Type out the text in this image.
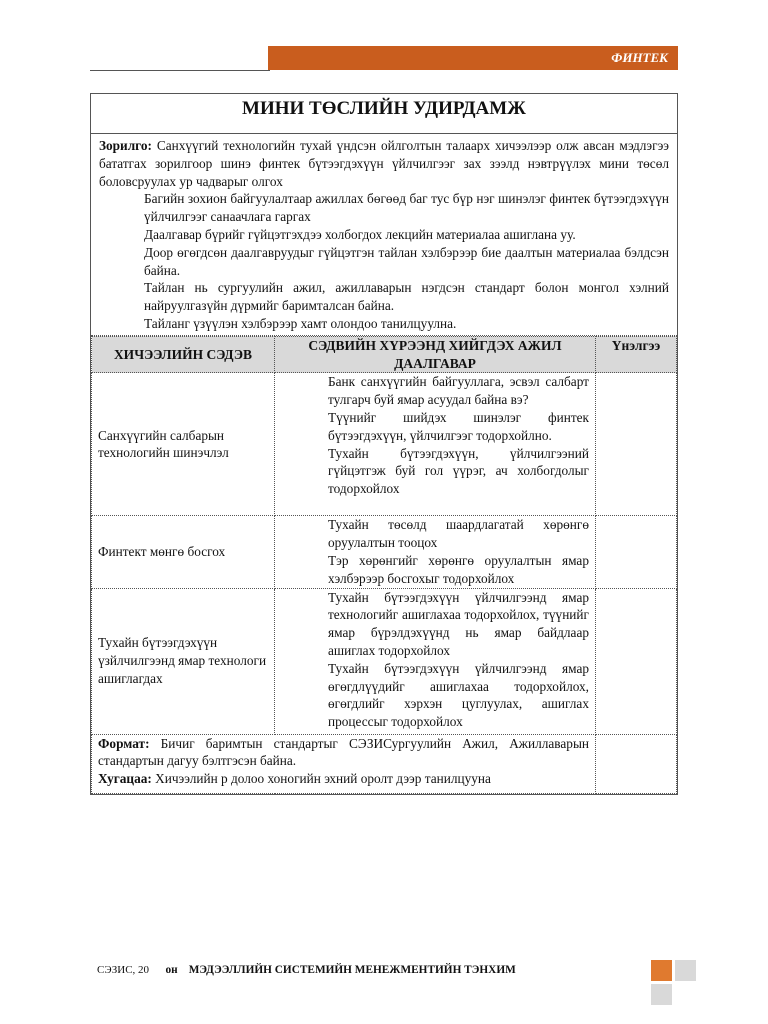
ФИНТЕК
МИНИ ТӨСЛИЙН УДИРДАМЖ

Зорилго: Санхүүгий технологийн тухай үндсэн ойлголтын талаарх хичээлээр олж авсан мэдлэгээ бататгах зорилгоор шинэ финтек бүтээгдэхүүн үйлчилгээг зах зээлд нэвтрүүлэх мини төсөл боловсруулах ур чадварыг олгох

Багийн зохион байгуулалтаар ажиллах бөгөөд баг тус бүр нэг шинэлэг финтек бүтээгдэхүүн үйлчилгээг санаачлага гаргах

Даалгавар бүрийг гүйцэтгэхдээ холбогдох лекцийн материалаа ашиглана уу.

Доор өгөгдсөн даалгавруудыг гүйцэтгэн тайлан хэлбэрээр бие даалтын материалаа бэлдсэн байна.

Тайлан нь сургуулийн ажил, ажиллаварын нэгдсэн стандарт болон монгол хэлний найруулгазүйн дүрмийг баримталсан байна.

Тайланг үзүүлэн хэлбэрээр хамт олондоо танилцуулна.

ХИЧЭЭЛИЙН СЭДЭВ	СЭДВИЙН ХҮРЭЭНД ХИЙГДЭХ АЖИЛ ДААЛГАВАР	Үнэлгээ
Санхүүгийн салбарын технологийн шинэчлэл	Банк санхүүгийн байгууллага, эсвэл салбарт тулгарч буй ямар асуудал байна вэ?

Түүнийг шийдэх шинэлэг финтек бүтээгдэхүүн, үйлчилгээг тодорхойлно.

Тухайн бүтээгдэхүүн, үйлчилгээний гүйцэтгэж буй гол үүрэг, ач холбогдолыг тодорхойлох	

Финтект мөнгө босгох	Тухайн төсөлд шаардлагатай хөрөнгө оруулалтын тооцох

Тэр хөрөнгийг хөрөнгө оруулалтын ямар хэлбэрээр босгохыг тодорхойлох	

Тухайн бүтээгдэхүүн үзйлчилгээнд ямар технологи ашиглагдах	Тухайн бүтээгдэхүүн үйлчилгээнд ямар технологийг ашиглахаа тодорхойлох, түүнийг ямар бүрэлдэхүүнд нь ямар байдлаар ашиглах тодорхойлох

Тухайн бүтээгдэхүүн үйлчилгээнд ямар өгөгдлүүдийг ашиглахаа тодорхойлох, өгөгдлийг хэрхэн цуглуулах, ашиглах процессыг тодорхойлох	

Формат: Бичиг баримтын стандартыг СЭЗИСургуулийн Ажил, Ажиллаварын стандартын дагуу бэлтгэсэн байна.
Хугацаа: Хичээлийн р долоо хоногийн эхний оролт дээр танилцууна		

СЭЗИС, 20 он МЭДЭЭЛЛИЙН СИСТЕМИЙН МЕНЕЖМЕНТИЙН ТЭНХИМ
